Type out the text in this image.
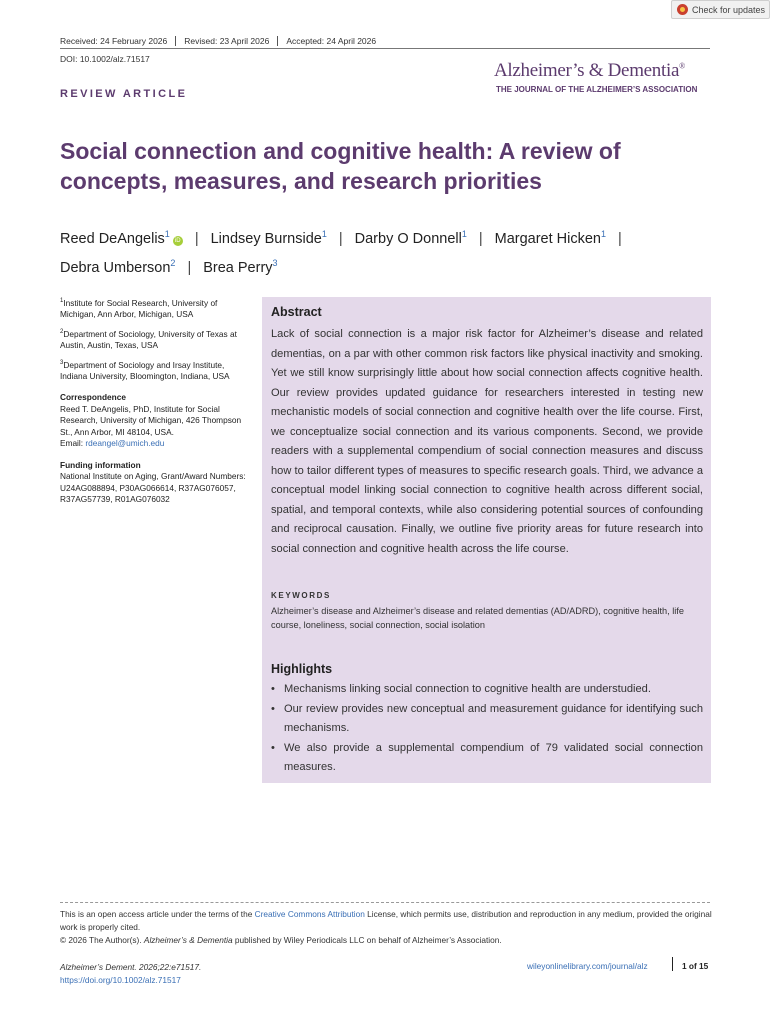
Check for updates
Received: 24 February 2026	Revised: 23 April 2026	Accepted: 24 April 2026
DOI: 10.1002/alz.71517
Alzheimer’s & Dementia®
THE JOURNAL OF THE ALZHEIMER’S ASSOCIATION
REVIEW ARTICLE
Social connection and cognitive health: A review of concepts, measures, and research priorities
Reed DeAngelis$^1$iD | Lindsey Burnside$^1$ | Darby O Donnell$^1$ | Margaret Hicken$^1$ |
Debra Umberson$^2$ | Brea Perry$^3$
$^1$Institute for Social Research, University of Michigan, Ann Arbor, Michigan, USA
$^2$Department of Sociology, University of Texas at Austin, Austin, Texas, USA
$^3$Department of Sociology and Irsay Institute, Indiana University, Bloomington, Indiana, USA
Correspondence
Reed T. DeAngelis, PhD, Institute for Social Research, University of Michigan, 426 Thompson St., Ann Arbor, MI 48104, USA.
Email: rdeangel@umich.edu
Funding information
National Institute on Aging, Grant/Award Numbers: U24AG088894, P30AG066614, R37AG076057, R37AG57739, R01AG076032
Abstract
Lack of social connection is a major risk factor for Alzheimer’s disease and related dementias, on a par with other common risk factors like physical inactivity and smoking. Yet we still know surprisingly little about how social connection affects cognitive health. Our review provides updated guidance for researchers interested in testing new mechanistic models of social connection and cognitive health over the life course. First, we conceptualize social connection and its various components. Second, we provide readers with a supplemental compendium of social connection measures and discuss how to tailor different types of measures to specific research goals. Third, we advance a conceptual model linking social connection to cognitive health across different social, spatial, and temporal contexts, while also considering potential sources of confounding and reciprocal causation. Finally, we outline five priority areas for future research into social connection and cognitive health across the life course.
KEYWORDS
Alzheimer’s disease and Alzheimer’s disease and related dementias (AD/ADRD), cognitive health, life course, loneliness, social connection, social isolation
Highlights
• Mechanisms linking social connection to cognitive health are understudied.
• Our review provides new conceptual and measurement guidance for identifying such mechanisms.
• We also provide a supplemental compendium of 79 validated social connection measures.
This is an open access article under the terms of the Creative Commons Attribution License, which permits use, distribution and reproduction in any medium, provided the original work is properly cited.
© 2026 The Author(s). Alzheimer’s & Dementia published by Wiley Periodicals LLC on behalf of Alzheimer’s Association.
Alzheimer’s Dement. 2026;22:e71517.
https://doi.org/10.1002/alz.71517
wileyonlinelibrary.com/journal/alz	1 of 15
